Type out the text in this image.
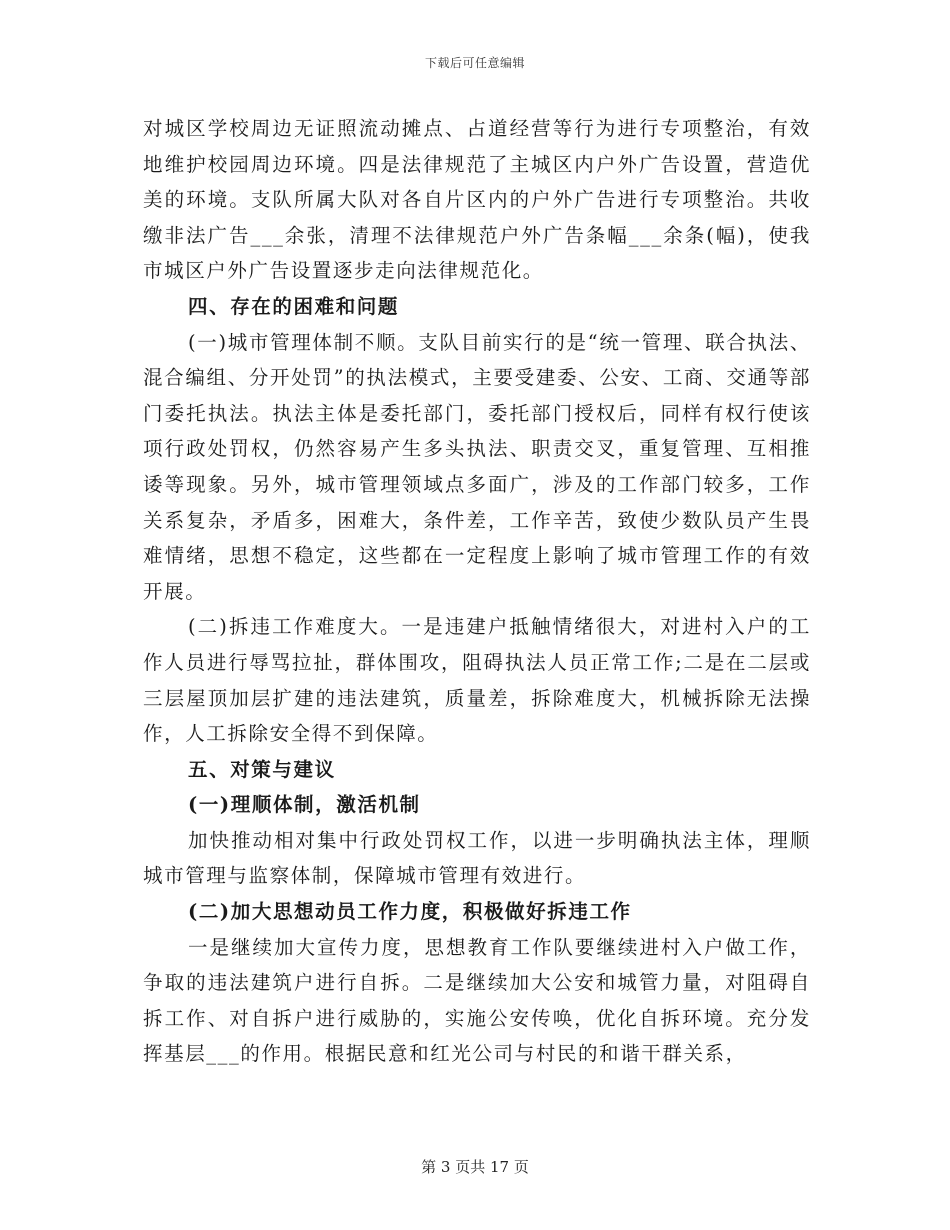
下载后可任意编辑

对城区学校周边无证照流动摊点、占道经营等行为进行专项整治，有效地维护校园周边环境。四是法律规范了主城区内户外广告设置，营造优美的环境。支队所属大队对各自片区内的户外广告进行专项整治。共收缴非法广告___余张，清理不法律规范户外广告条幅___余条(幅)，使我市城区户外广告设置逐步走向法律规范化。

四、存在的困难和问题

(一)城市管理体制不顺。支队目前实行的是“统一管理、联合执法、混合编组、分开处罚”的执法模式，主要受建委、公安、工商、交通等部门委托执法。执法主体是委托部门，委托部门授权后，同样有权行使该项行政处罚权，仍然容易产生多头执法、职责交叉，重复管理、互相推诿等现象。另外，城市管理领域点多面广，涉及的工作部门较多，工作关系复杂，矛盾多，困难大，条件差，工作辛苦，致使少数队员产生畏难情绪，思想不稳定，这些都在一定程度上影响了城市管理工作的有效开展。

(二)拆违工作难度大。一是违建户抵触情绪很大，对进村入户的工作人员进行辱骂拉扯，群体围攻，阻碍执法人员正常工作;二是在二层或三层屋顶加层扩建的违法建筑，质量差，拆除难度大，机械拆除无法操作，人工拆除安全得不到保障。

五、对策与建议

(一)理顺体制，激活机制

加快推动相对集中行政处罚权工作，以进一步明确执法主体，理顺城市管理与监察体制，保障城市管理有效进行。

(二)加大思想动员工作力度，积极做好拆违工作

一是继续加大宣传力度，思想教育工作队要继续进村入户做工作，争取的违法建筑户进行自拆。二是继续加大公安和城管力量，对阻碍自拆工作、对自拆户进行威胁的，实施公安传唤，优化自拆环境。充分发挥基层___的作用。根据民意和红光公司与村民的和谐干群关系，

第 3 页共 17 页
